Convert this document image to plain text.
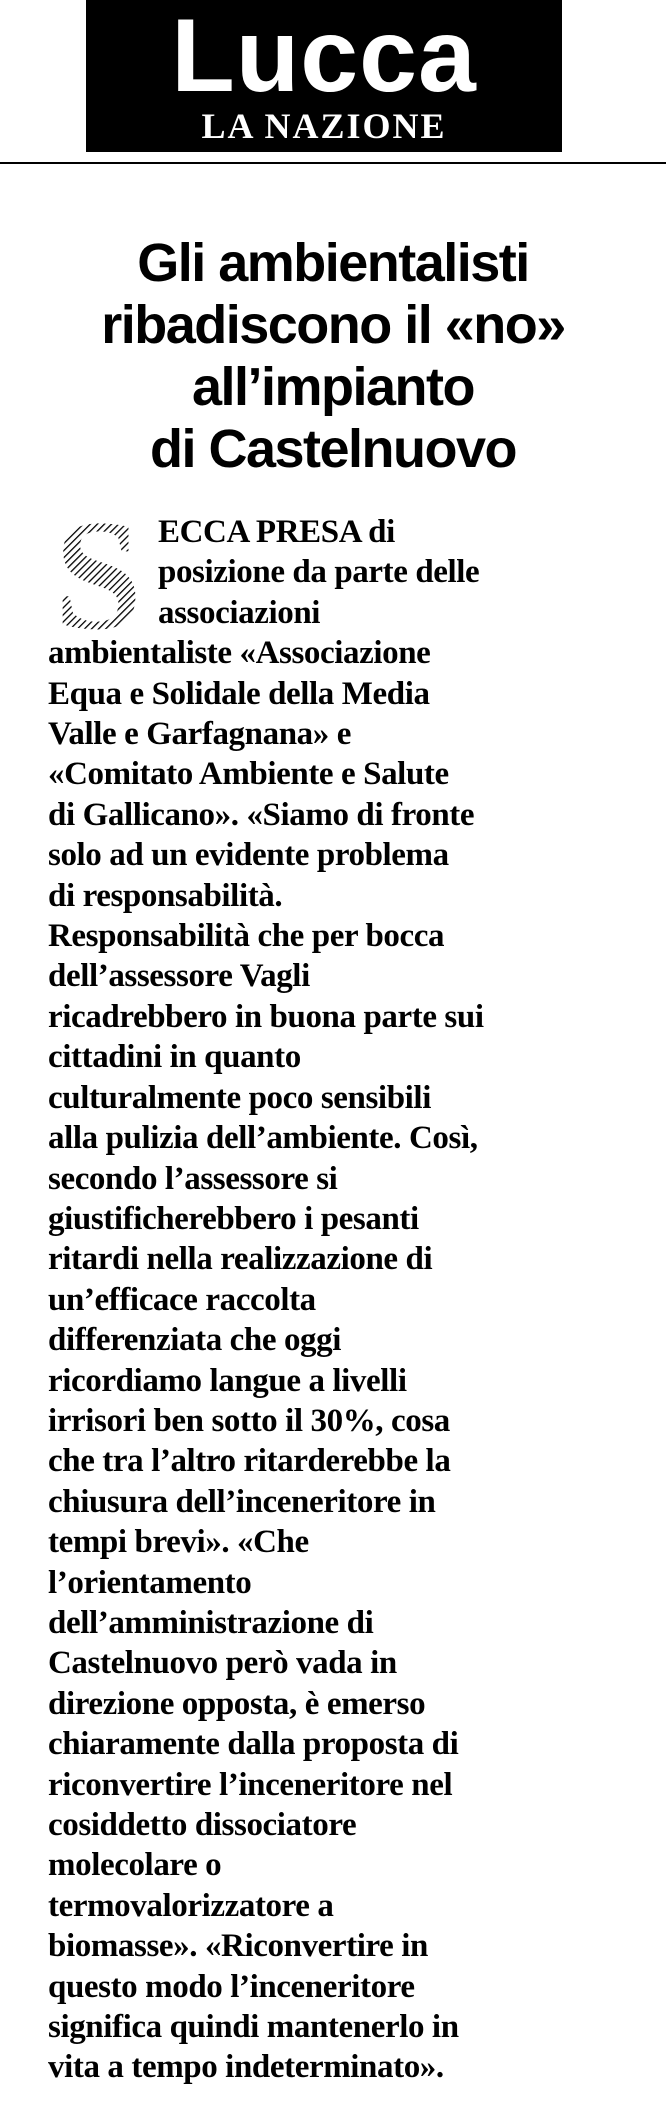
Lucca
LA NAZIONE
Gli ambientalisti
ribadiscono il «no»
all’impianto
di Castelnuovo
S ECCA PRESA di
posizione da parte delle
associazioni
ambientaliste «Associazione
Equa e Solidale della Media
Valle e Garfagnana» e
«Comitato Ambiente e Salute
di Gallicano». «Siamo di fronte
solo ad un evidente problema
di responsabilità.
Responsabilità che per bocca
dell’assessore Vagli
ricadrebbero in buona parte sui
cittadini in quanto
culturalmente poco sensibili
alla pulizia dell’ambiente. Così,
secondo l’assessore si
giustificherebbero i pesanti
ritardi nella realizzazione di
un’efficace raccolta
differenziata che oggi
ricordiamo langue a livelli
irrisori ben sotto il 30%, cosa
che tra l’altro ritarderebbe la
chiusura dell’inceneritore in
tempi brevi». «Che
l’orientamento
dell’amministrazione di
Castelnuovo però vada in
direzione opposta, è emerso
chiaramente dalla proposta di
riconvertire l’inceneritore nel
cosiddetto dissociatore
molecolare o
termovalorizzatore a
biomasse». «Riconvertire in
questo modo l’inceneritore
significa quindi mantenerlo in
vita a tempo indeterminato».
